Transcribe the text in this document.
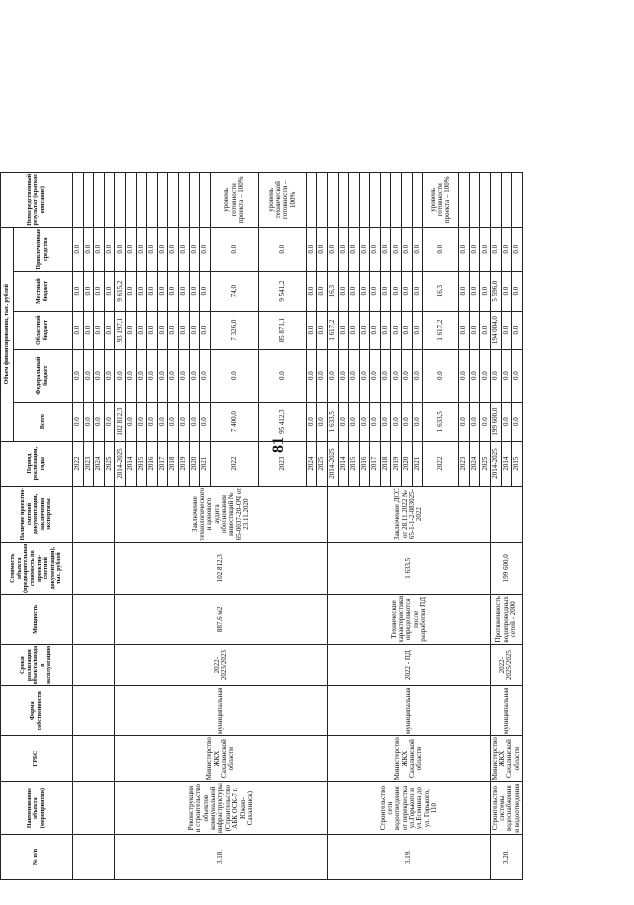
81
№ п/п	Наименование объекта (мероприятия)	ГРБС	Форма собственности	Сроки реализации объекта/ввода в эксплуатацию	Мощность	Стоимость объекта (предварительная стоимость по проектно-сметной документации), тыс. рублей	Наличие проектно-сметной документации, заключения экспертизы	Период реализации, годы	Объем финансирования, тыс. рублей					Непосредственный результат (краткое описание)
									Всего	Федеральный бюджет	Областной бюджет	Местный бюджет	Привлеченные средства	
								2022	0.0	0.0	0.0	0.0	0.0	
								2023	0.0	0.0	0.0	0.0	0.0	
								2024	0.0	0.0	0.0	0.0	0.0	
								2025	0.0	0.0	0.0	0.0	0.0	
3.18.	Реконструкция и строительство объектов коммунальной инфраструктуры (Строительство АБК ОСК-7 г. Южно-Сахалинск)	Министерство ЖКХ Сахалинской области	муниципальная	2022-2023/2023	887,6 м2	102 812,3	Заключение технологического и ценового аудита обоснования инвестиций № 65-0037-20-ОЧ от 23.11.2020	2014-2025	102 812,3	0.0	93 197,1	9 615,2	0.0	
								2014	0.0	0.0	0.0	0.0	0.0	
								2015	0.0	0.0	0.0	0.0	0.0	
								2016	0.0	0.0	0.0	0.0	0.0	
								2017	0.0	0.0	0.0	0.0	0.0	
								2018	0.0	0.0	0.0	0.0	0.0	
								2019	0.0	0.0	0.0	0.0	0.0	
								2020	0.0	0.0	0.0	0.0	0.0	
								2021	0.0	0.0	0.0	0.0	0.0	
								2022	7 400,0	0.0	7 326,0	74,0	0.0	уровень готовности проекта – 100%
								2023	95 412,3	0.0	85 871,1	9 541,2	0.0	уровень технической готовности – 100%
								2024	0.0	0.0	0.0	0.0	0.0	
								2025	0.0	0.0	0.0	0.0	0.0	
3.19.	Строительство сети водоотведения от перекрестка ул.Горького и ул.Есенина до ул. Горького, 110	Министерство ЖКХ Сахалинской области	муниципальная	2022 - ПД	Технические характеристики определяются после разработки ПД	1 633,5	Заключение ДСС от 28.11.2022 № 65-1-1-2-083025-2022	2014-2025	1 633,5	0.0	1 617,2	16,3	0.0	
								2014	0.0	0.0	0.0	0.0	0.0	
								2015	0.0	0.0	0.0	0.0	0.0	
								2016	0.0	0.0	0.0	0.0	0.0	
								2017	0.0	0.0	0.0	0.0	0.0	
								2018	0.0	0.0	0.0	0.0	0.0	
								2019	0.0	0.0	0.0	0.0	0.0	
								2020	0.0	0.0	0.0	0.0	0.0	
								2021	0.0	0.0	0.0	0.0	0.0	
								2022	1 633,5	0.0	1 617,2	16,3	0.0	уровень готовности проекта – 100%
								2023	0.0	0.0	0.0	0.0	0.0	
								2024	0.0	0.0	0.0	0.0	0.0	
								2025	0.0	0.0	0.0	0.0	0.0	
3.20.	Строительство системы водоснабжения и водоотведения	Министерство ЖКХ Сахалинской области	муниципальная	2022-2025/2025	Протяженность водопроводных сетей - 2000	199 600,0		2014-2025	199 600,0	0.0	194 004,0	5 596,0	0.0	
								2014	0.0	0.0	0.0	0.0	0.0	
								2015	0.0	0.0	0.0	0.0	0.0	
